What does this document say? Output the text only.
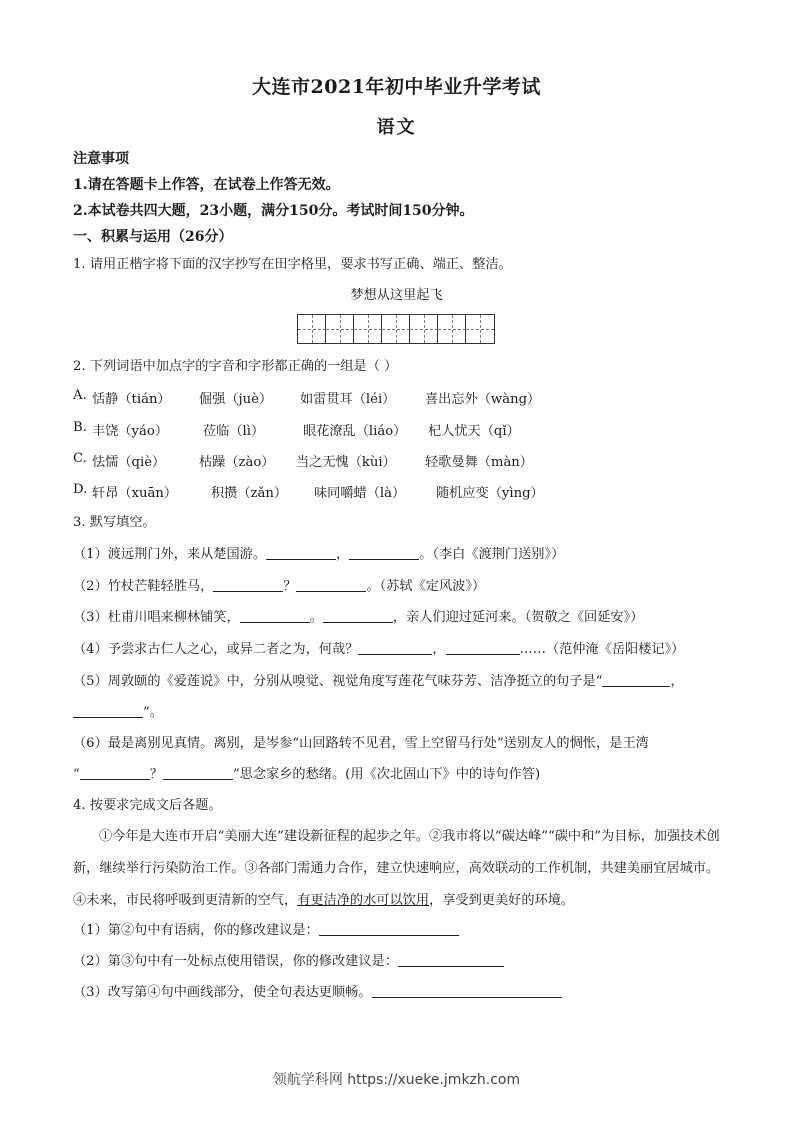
大连市2021年初中毕业升学考试
语文
注意事项
1.请在答题卡上作答，在试卷上作答无效。
2.本试卷共四大题，23小题，满分150分。考试时间150分钟。
一、积累与运用（26分）
1. 请用正楷字将下面的汉字抄写在田字格里，要求书写正确、端正、整洁。
梦想从这里起飞
2. 下列词语中加点字的字音和字形都正确的一组是（ ）
A. 恬静（tián） 倔强（juè） 如雷贯耳（léi） 喜出忘外（wàng）
B. 丰饶（yáo）	莅临（lì）	眼花潦乱（liáo） 杞人忧天（qǐ）
C. 怯懦（qiè）	枯躁（zào） 当之无愧（kùi） 轻歌曼舞（màn）
D. 轩昂（xuān）	积攒（zǎn） 味同嚼蜡（là） 随机应变（yìng）
3. 默写填空。
（1）渡远荆门外，来从楚国游。	，	。（李白《渡荆门送别》）
（2）竹杖芒鞋轻胜马，	？	。（苏轼《定风波》）
（3）杜甫川唱来柳林铺笑，	。	，亲人们迎过延河来。（贺敬之《回延安》）
（4）予尝求古仁人之心，或异二者之为，何哉？	，	……（范仲淹《岳阳楼记》）
（5）周敦颐的《爱莲说》中，分别从嗅觉、视觉角度写莲花气味芬芳、洁净挺立的句子是“	，
”。
（6）最是离别见真情。离别，是岑参“山回路转不见君，雪上空留马行处”送别友人的惆怅，是王湾
“	？	”思念家乡的愁绪。(用《次北固山下》中的诗句作答)
4. 按要求完成文后各题。
①今年是大连市开启“美丽大连”建设新征程的起步之年。②我市将以“碳达峰”“碳中和”为目标，加强技术创新，继续举行污染防治工作。③各部门需通力合作，建立快速响应，高效联动的工作机制，共建美丽宜居城市。④未来，市民将呼吸到更清新的空气，有更洁净的水可以饮用，享受到更美好的环境。
（1）第②句中有语病，你的修改建议是：
（2）第③句中有一处标点使用错误，你的修改建议是：
（3）改写第④句中画线部分，使全句表达更顺畅。
领航学科网 https://xueke.jmkzh.com
